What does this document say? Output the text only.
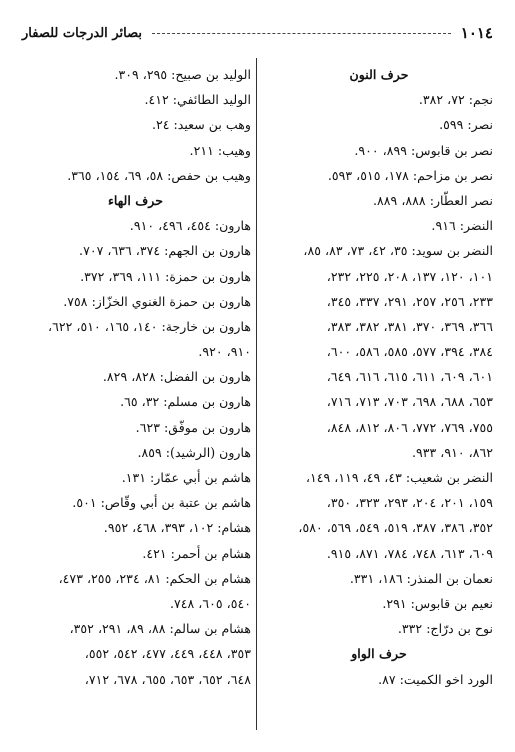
١٠١٤
بصائر الدرجات للصفار
حرف النون
نجم: ٧٢، ٣٨٢.
نصر: ٥٩٩.
نصر بن قابوس: ٨٩٩، ٩٠٠.
نصر بن مزاحم: ١٧٨، ٥١٥، ٥٩٣.
نصر العطّار: ٨٨٨، ٨٨٩.
النضر: ٩١٦.
النضر بن سويد: ٣٥، ٤٢، ٧٣، ٨٣، ٨٥،
١٠١، ١٢٠، ١٣٧، ٢٠٨، ٢٢٥، ٢٣٢،
٢٣٣، ٢٥٦، ٢٥٧، ٢٩١، ٣٣٧، ٣٤٥،
٣٦٦، ٣٦٩، ٣٧٠، ٣٨١، ٣٨٢، ٣٨٣،
٣٨٤، ٣٩٤، ٥٧٧، ٥٨٥، ٥٨٦، ٦٠٠،
٦٠١، ٦٠٩، ٦١١، ٦١٥، ٦١٦، ٦٤٩،
٦٥٣، ٦٨٨، ٦٩٨، ٧٠٣، ٧١٣، ٧١٦،
٧٥٥، ٧٦٩، ٧٧٢، ٨٠٦، ٨١٢، ٨٤٨،
٨٦٢، ٩١٠، ٩٣٣.
النضر بن شعيب: ٤٣، ٤٩، ١١٩، ١٤٩،
١٥٩، ٢٠١، ٢٠٤، ٢٩٣، ٣٢٣، ٣٥٠،
٣٥٢، ٣٨٦، ٣٨٧، ٥١٩، ٥٤٩، ٥٦٩، ٥٨٠،
٦٠٩، ٦١٣، ٧٤٨، ٧٨٤، ٨٧١، ٩١٥.
نعمان بن المنذر: ١٨٦، ٣٣١.
نعيم بن قابوس: ٢٩١.
نوح بن درّاج: ٣٣٢.
حرف الواو
الورد اخو الكميت: ٨٧.
الوليد بن صبيح: ٢٩٥، ٣٠٩.
الوليد الطائفي: ٤١٢.
وهب بن سعيد: ٢٤.
وهيب: ٢١١.
وهيب بن حفص: ٥٨، ٦٩، ١٥٤، ٣٦٥.
حرف الهاء
هارون: ٤٥٤، ٤٩٦، ٩١٠.
هارون بن الجهم: ٣٧٤، ٦٣٦، ٧٠٧.
هارون بن حمزة: ١١١، ٣٦٩، ٣٧٢.
هارون بن حمزة الغنوي الخزّاز: ٧٥٨.
هارون بن خارجة: ١٤٠، ١٦٥، ٥١٠، ٦٢٢،
٩١٠، ٩٢٠.
هارون بن الفضل: ٨٢٨، ٨٢٩.
هارون بن مسلم: ٣٢، ٦٥.
هارون بن موفّق: ٦٢٣.
هارون (الرشيد): ٨٥٩.
هاشم بن أبي عمّار: ١٣١.
هاشم بن عتبة بن أبي وقّاص: ٥٠١.
هشام: ١٠٢، ٣٩٣، ٤٦٨، ٩٥٢.
هشام بن أحمر: ٤٢١.
هشام بن الحكم: ٨١، ٢٣٤، ٢٥٥، ٤٧٣،
٥٤٠، ٦٠٥، ٧٤٨.
هشام بن سالم: ٨٨، ٨٩، ٢٩١، ٣٥٢،
٣٥٣، ٤٤٨، ٤٤٩، ٤٧٧، ٥٤٢، ٥٥٢،
٦٤٨، ٦٥٢، ٦٥٣، ٦٥٥، ٦٧٨، ٧١٢،
